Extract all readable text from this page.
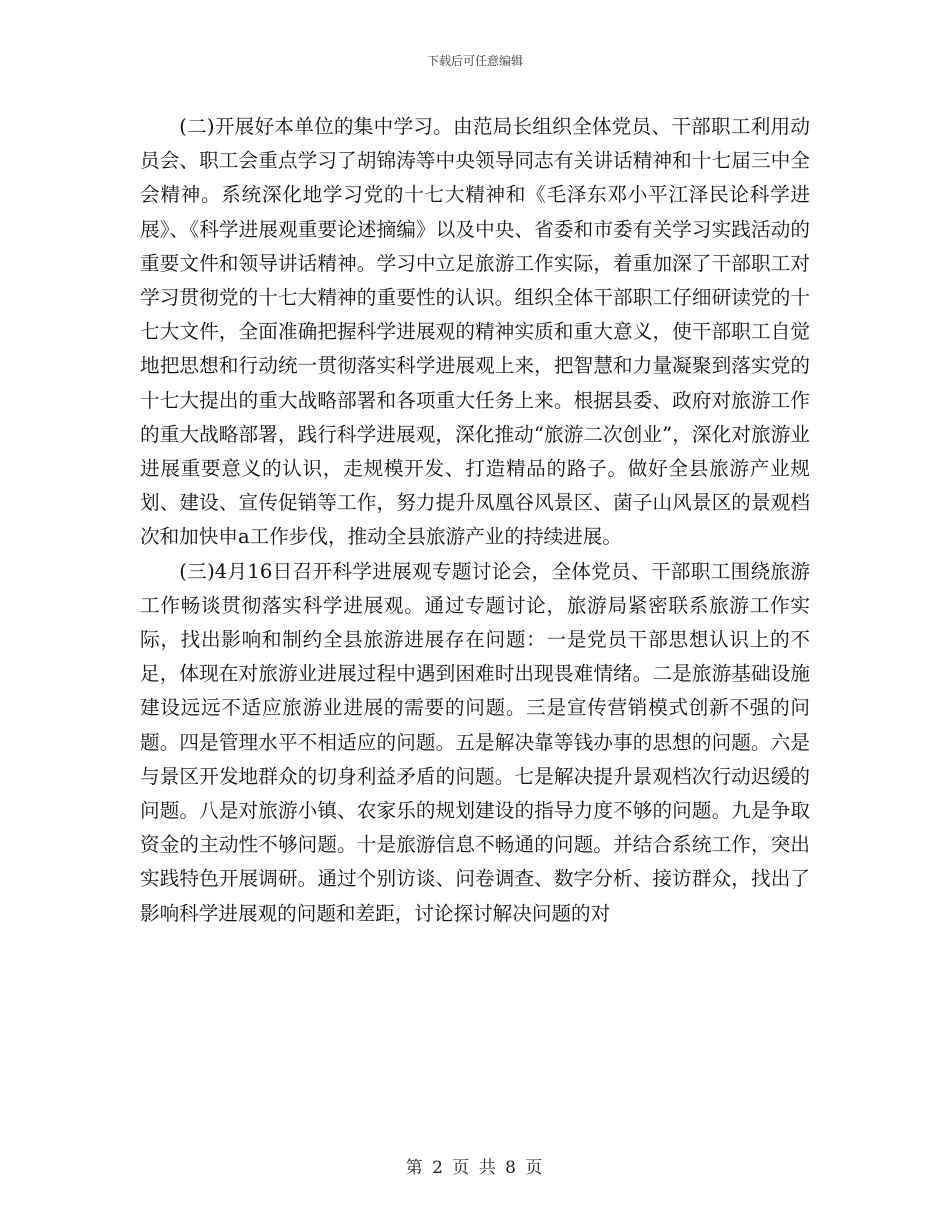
下载后可任意编辑

(二)开展好本单位的集中学习。由范局长组织全体党员、干部职工利用动员会、职工会重点学习了胡锦涛等中央领导同志有关讲话精神和十七届三中全会精神。系统深化地学习党的十七大精神和《毛泽东邓小平江泽民论科学进展》、《科学进展观重要论述摘编》以及中央、省委和市委有关学习实践活动的重要文件和领导讲话精神。学习中立足旅游工作实际，着重加深了干部职工对学习贯彻党的十七大精神的重要性的认识。组织全体干部职工仔细研读党的十七大文件，全面准确把握科学进展观的精神实质和重大意义，使干部职工自觉地把思想和行动统一贯彻落实科学进展观上来，把智慧和力量凝聚到落实党的十七大提出的重大战略部署和各项重大任务上来。根据县委、政府对旅游工作的重大战略部署，践行科学进展观，深化推动“旅游二次创业”，深化对旅游业进展重要意义的认识，走规模开发、打造精品的路子。做好全县旅游产业规划、建设、宣传促销等工作，努力提升凤凰谷风景区、菌子山风景区的景观档次和加快申a工作步伐，推动全县旅游产业的持续进展。

(三)4月16日召开科学进展观专题讨论会，全体党员、干部职工围绕旅游工作畅谈贯彻落实科学进展观。通过专题讨论，旅游局紧密联系旅游工作实际，找出影响和制约全县旅游进展存在问题：一是党员干部思想认识上的不足，体现在对旅游业进展过程中遇到困难时出现畏难情绪。二是旅游基础设施建设远远不适应旅游业进展的需要的问题。三是宣传营销模式创新不强的问题。四是管理水平不相适应的问题。五是解决靠等钱办事的思想的问题。六是与景区开发地群众的切身利益矛盾的问题。七是解决提升景观档次行动迟缓的问题。八是对旅游小镇、农家乐的规划建设的指导力度不够的问题。九是争取资金的主动性不够问题。十是旅游信息不畅通的问题。并结合系统工作，突出实践特色开展调研。通过个别访谈、问卷调查、数字分析、接访群众，找出了影响科学进展观的问题和差距，讨论探讨解决问题的对

第 2 页 共 8 页
